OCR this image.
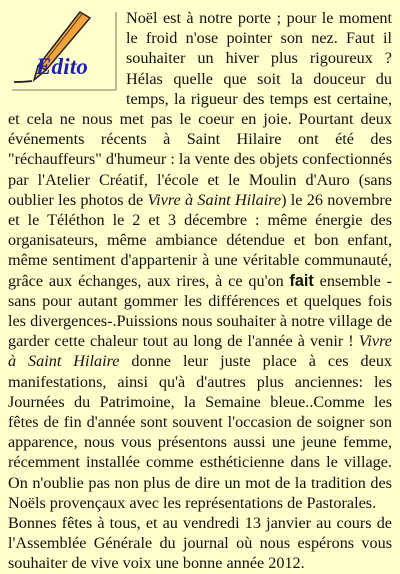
Edito

Noël est à notre porte ; pour le moment le froid n'ose pointer son nez. Faut il souhaiter un hiver plus rigoureux ? Hélas quelle que soit la douceur du temps, la rigueur des temps est certaine, et cela ne nous met pas le coeur en joie. Pourtant deux événements récents à Saint Hilaire ont été des "réchauffeurs" d'humeur : la vente des objets confectionnés par l'Atelier Créatif, l'école et le Moulin d'Auro (sans oublier les photos de Vivre à Saint Hilaire) le 26 novembre et le Téléthon le 2 et 3 décembre : même énergie des organisateurs, même ambiance détendue et bon enfant, même sentiment d'appartenir à une véritable communauté, grâce aux échanges, aux rires, à ce qu'on fait ensemble - sans pour autant gommer les différences et quelques fois les divergences-.Puissions nous souhaiter à notre village de garder cette chaleur tout au long de l'année à venir ! Vivre à Saint Hilaire donne leur juste place à ces deux manifestations, ainsi qu'à d'autres plus anciennes: les Journées du Patrimoine, la Semaine bleue..Comme les fêtes de fin d'année sont souvent l'occasion de soigner son apparence, nous vous présentons aussi une jeune femme, récemment installée comme esthéticienne dans le village. On n'oublie pas non plus de dire un mot de la tradition des Noëls provençaux avec les représentations de Pastorales.

Bonnes fêtes à tous, et au vendredi 13 janvier au cours de l'Assemblée Générale du journal où nous espérons vous souhaiter de vive voix une bonne année 2012.
